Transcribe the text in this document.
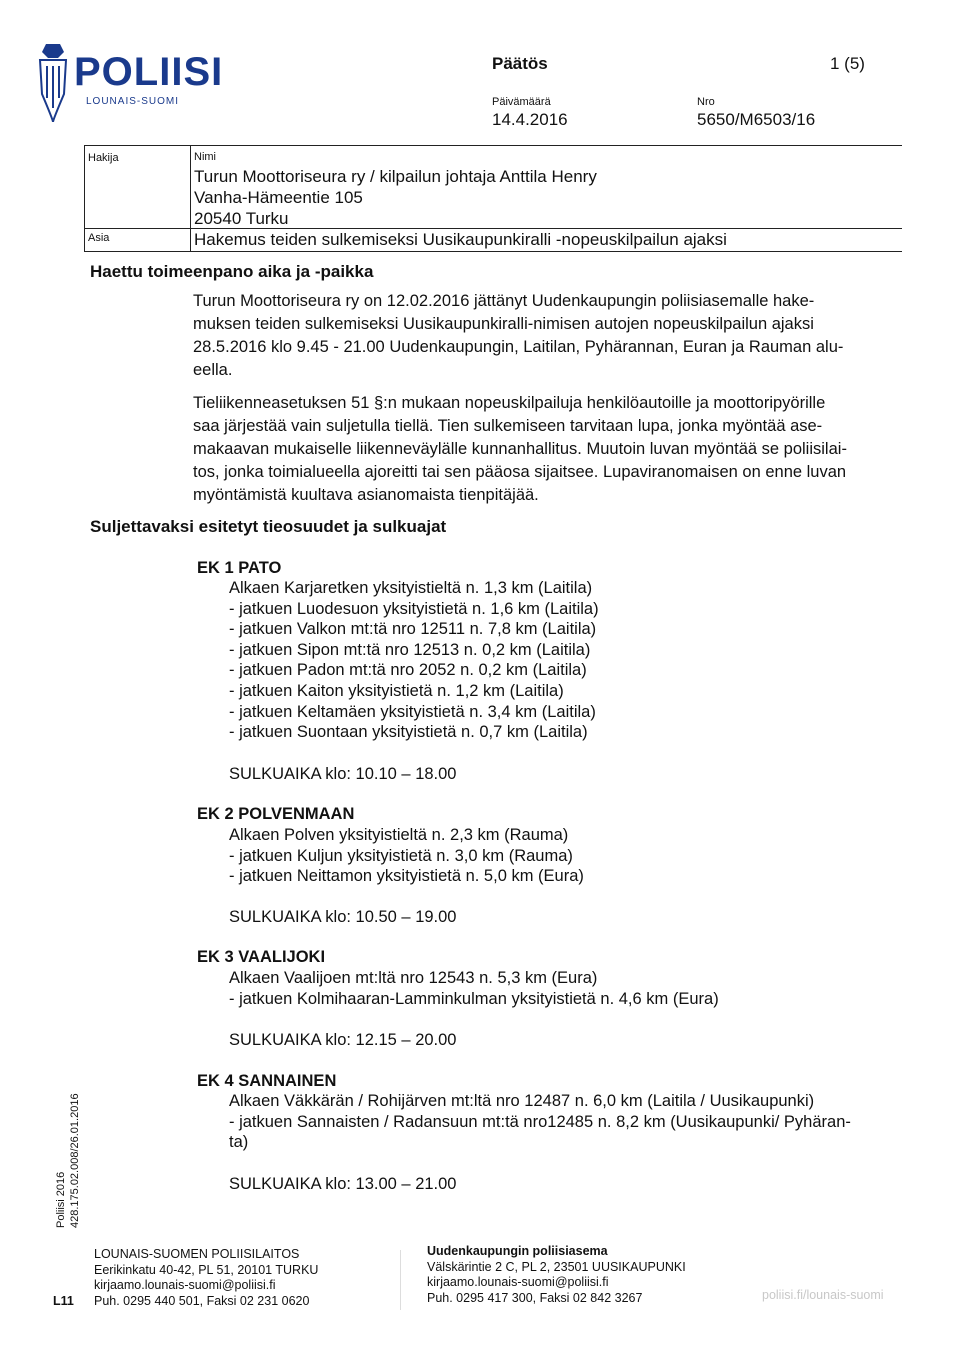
POLIISI
LOUNAIS-SUOMI
Päätös	1 (5)
Päivämäärä
14.4.2016
Nro
5650/M6503/16
Hakija	Nimi
Turun Moottoriseura ry / kilpailun johtaja Anttila Henry
Vanha-Hämeentie 105
20540 Turku
Asia	Hakemus teiden sulkemiseksi Uusikaupunkiralli -nopeuskilpailun ajaksi
Haettu toimeenpano aika ja -paikka
Turun Moottoriseura ry on 12.02.2016 jättänyt Uudenkaupungin poliisiasemalle hake-
muksen teiden sulkemiseksi Uusikaupunkiralli-nimisen autojen nopeuskilpailun ajaksi
28.5.2016 klo 9.45 - 21.00 Uudenkaupungin, Laitilan, Pyhärannan, Euran ja Rauman alu-
eella.
Tieliikenneasetuksen 51 §:n mukaan nopeuskilpailuja henkilöautoille ja moottoripyörille
saa järjestää vain suljetulla tiellä. Tien sulkemiseen tarvitaan lupa, jonka myöntää ase-
makaavan mukaiselle liikenneväylälle kunnanhallitus. Muutoin luvan myöntää se poliisilai-
tos, jonka toimialueella ajoreitti tai sen pääosa sijaitsee. Lupaviranomaisen on enne luvan
myöntämistä kuultava asianomaista tienpitäjää.
Suljettavaksi esitetyt tieosuudet ja sulkuajat
EK 1 PATO
Alkaen Karjaretken yksityistieltä n. 1,3 km (Laitila)
- jatkuen Luodesuon yksityistietä n. 1,6 km (Laitila)
- jatkuen Valkon mt:tä nro 12511 n. 7,8 km (Laitila)
- jatkuen Sipon mt:tä nro 12513 n. 0,2 km (Laitila)
- jatkuen Padon mt:tä nro 2052 n. 0,2 km (Laitila)
- jatkuen Kaiton yksityistietä n. 1,2 km (Laitila)
- jatkuen Keltamäen yksityistietä n. 3,4 km (Laitila)
- jatkuen Suontaan yksityistietä n. 0,7 km (Laitila)
SULKUAIKA klo: 10.10 – 18.00
EK 2 POLVENMAAN
Alkaen Polven yksityistieltä n. 2,3 km (Rauma)
- jatkuen Kuljun yksityistietä n. 3,0 km (Rauma)
- jatkuen Neittamon yksityistietä n. 5,0 km (Eura)
SULKUAIKA klo: 10.50 – 19.00
EK 3 VAALIJOKI
Alkaen Vaalijoen mt:ltä nro 12543 n. 5,3 km (Eura)
- jatkuen Kolmihaaran-Lamminkulman yksityistietä n. 4,6 km (Eura)
SULKUAIKA klo: 12.15 – 20.00
EK 4 SANNAINEN
Alkaen Väkkärän / Rohijärven mt:ltä nro 12487 n. 6,0 km (Laitila / Uusikaupunki)
- jatkuen Sannaisten / Radansuun mt:tä nro12485 n. 8,2 km (Uusikaupunki/ Pyhäran-
ta)
SULKUAIKA klo: 13.00 – 21.00
Poliisi 2016 428.175.02.008/26.01.2016
L11
LOUNAIS-SUOMEN POLIISILAITOS
Eerikinkatu 40-42, PL 51, 20101 TURKU
kirjaamo.lounais-suomi@poliisi.fi
Puh. 0295 440 501, Faksi 02 231 0620
Uudenkaupungin poliisiasema
Välskärintie 2 C, PL 2, 23501 UUSIKAUPUNKI
kirjaamo.lounais-suomi@poliisi.fi
Puh. 0295 417 300, Faksi 02 842 3267	poliisi.fi/lounais-suomi
